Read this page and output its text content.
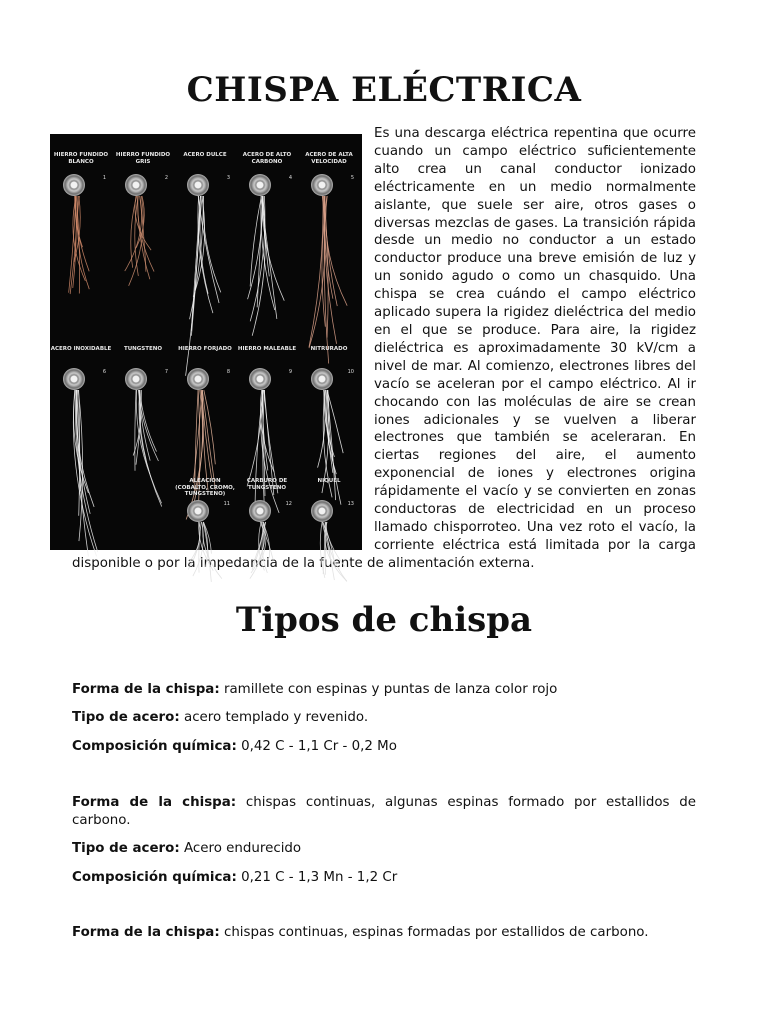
CHISPA ELÉCTRICA
HIERRO FUNDIDO BLANCO
1
HIERRO FUNDIDO GRIS
2
ACERO DULCE
3
ACERO DE ALTO CARBONO
4
ACERO DE ALTA VELOCIDAD
5
ACERO INOXIDABLE
6
TUNGSTENO
7
HIERRO FORJADO
8
HIERRO MALEABLE
9
NITRURADO
10
ALEACION (COBALTO, CROMO, TUNGSTENO)
11
CARBURO DE TUNGSTENO
12
NIQUEL
13
Es una descarga eléctrica repentina que ocurre cuando un campo eléctrico suficientemente alto crea un canal conductor ionizado eléctricamente en un medio normalmente aislante, que suele ser aire, otros gases o diversas mezclas de gases. La transición rápida desde un medio no conductor a un estado conductor produce una breve emisión de luz y un sonido agudo o como un chasquido. Una chispa se crea cuándo el campo eléctrico aplicado supera la rigidez dieléctrica del medio en el que se produce. Para aire, la rigidez dieléctrica es aproximadamente 30 kV/cm a nivel de mar. Al comienzo, electrones libres del vacío se aceleran por el campo eléctrico. Al ir chocando con las moléculas de aire se crean iones adicionales y se vuelven a liberar electrones que también se aceleraran. En ciertas regiones del aire, el aumento exponencial de iones y electrones origina rápidamente el vacío y se convierten en zonas conductoras de electricidad en un proceso llamado chisporroteo. Una vez roto el vacío, la corriente eléctrica está limitada por la carga disponible o por la impedancia de la fuente de alimentación externa.
Tipos de chispa

Forma de la chispa: ramillete con espinas y puntas de lanza color rojo

Tipo de acero: acero templado y revenido.

Composición química: 0,42 C - 1,1 Cr - 0,2 Mo

Forma de la chispa: chispas continuas, algunas espinas formado por estallidos de carbono.

Tipo de acero: Acero endurecido

Composición química: 0,21 C - 1,3 Mn - 1,2 Cr

Forma de la chispa: chispas continuas, espinas formadas por estallidos de carbono.
